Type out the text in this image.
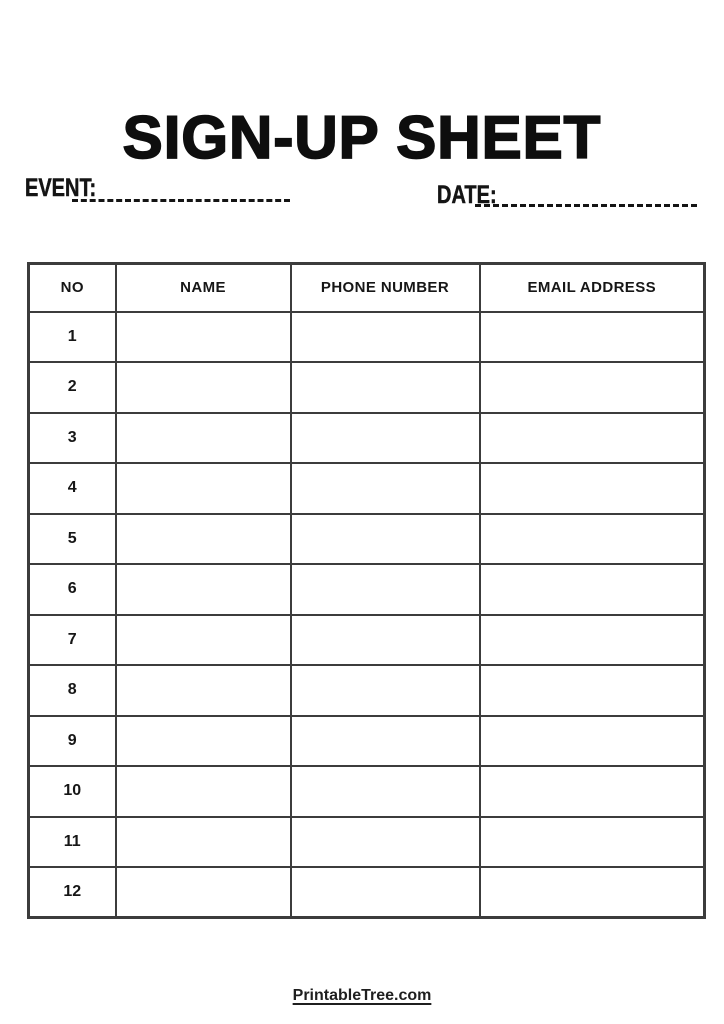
SIGN-UP SHEET
EVENT:	DATE:
NO	NAME	PHONE NUMBER	EMAIL ADDRESS
1			
2			
3			
4			
5			
6			
7			
8			
9			
10			
11			
12			
PrintableTree.com
